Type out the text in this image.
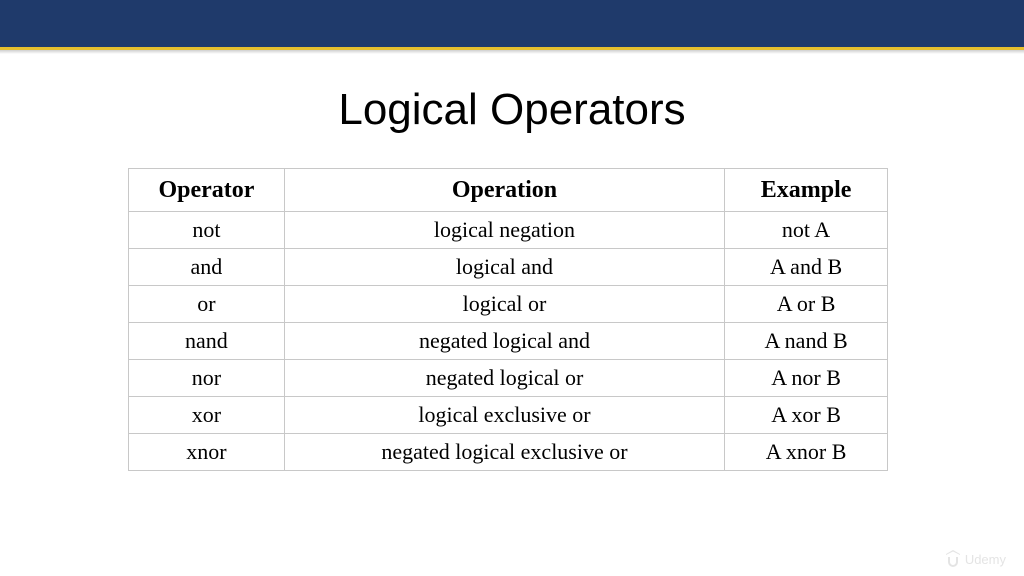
Logical Operators
Operator	Operation	Example
not	logical negation	not A
and	logical and	A and B
or	logical or	A or B
nand	negated logical and	A nand B
nor	negated logical or	A nor B
xor	logical exclusive or	A xor B
xnor	negated logical exclusive or	A xnor B
Udemy
